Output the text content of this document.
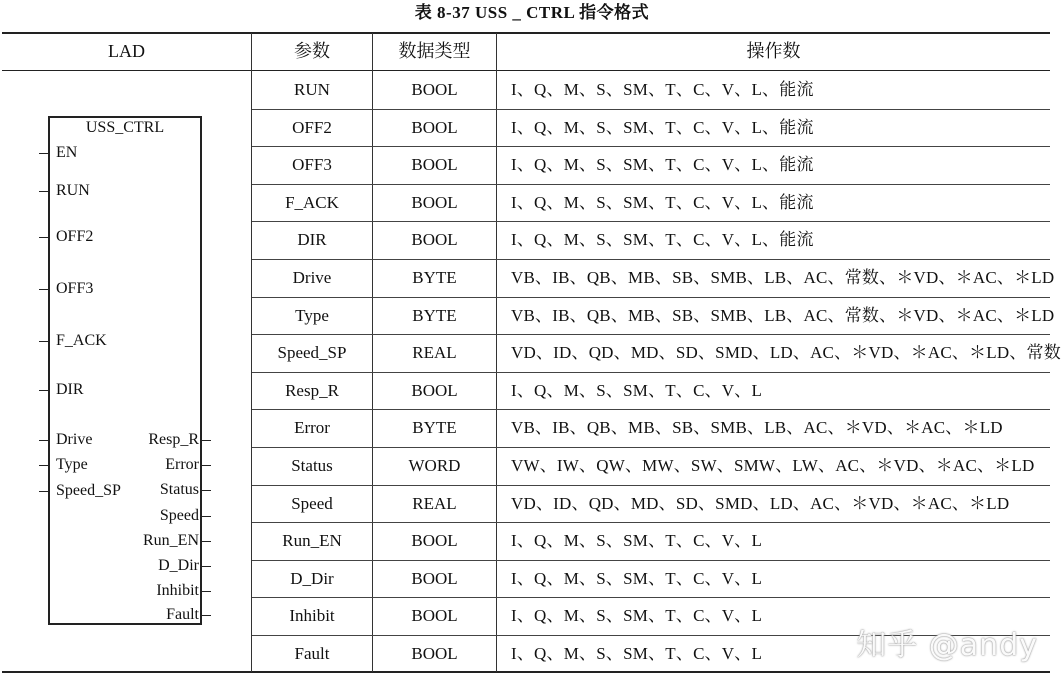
表 8-37 USS _ CTRL 指令格式
LAD	参数	数据类型	操作数
RUN	BOOL	I、Q、M、S、SM、T、C、V、L、能流
OFF2	BOOL	I、Q、M、S、SM、T、C、V、L、能流
OFF3	BOOL	I、Q、M、S、SM、T、C、V、L、能流
F_ACK	BOOL	I、Q、M、S、SM、T、C、V、L、能流
DIR	BOOL	I、Q、M、S、SM、T、C、V、L、能流
Drive	BYTE	VB、IB、QB、MB、SB、SMB、LB、AC、常数、＊VD、＊AC、＊LD
Type	BYTE	VB、IB、QB、MB、SB、SMB、LB、AC、常数、＊VD、＊AC、＊LD
Speed_SP	REAL	VD、ID、QD、MD、SD、SMD、LD、AC、＊VD、＊AC、＊LD、常数
Resp_R	BOOL	I、Q、M、S、SM、T、C、V、L
Error	BYTE	VB、IB、QB、MB、SB、SMB、LB、AC、＊VD、＊AC、＊LD
Status	WORD	VW、IW、QW、MW、SW、SMW、LW、AC、＊VD、＊AC、＊LD
Speed	REAL	VD、ID、QD、MD、SD、SMD、LD、AC、＊VD、＊AC、＊LD
Run_EN	BOOL	I、Q、M、S、SM、T、C、V、L
D_Dir	BOOL	I、Q、M、S、SM、T、C、V、L
Inhibit	BOOL	I、Q、M、S、SM、T、C、V、L
Fault	BOOL	I、Q、M、S、SM、T、C、V、L
USS_CTRL
EN
RUN
OFF2
OFF3
F_ACK
DIR
Drive
Type
Speed_SP
Resp_R
Error
Status
Speed
Run_EN
D_Dir
Inhibit
Fault
知乎 @andy
